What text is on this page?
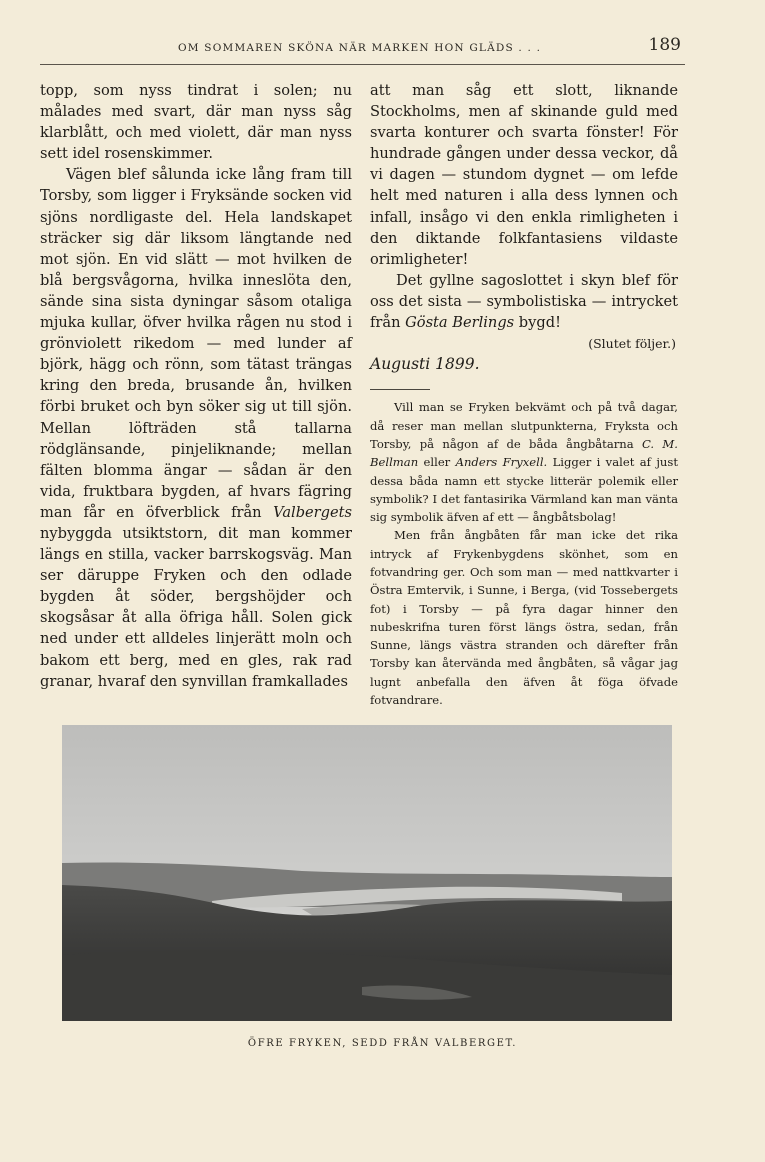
OM SOMMAREN SKÖNA NÄR MARKEN HON GLÄDS . . .	189

topp, som nyss tindrat i solen; nu målades med svart, där man nyss såg klarblått, och med violett, där man nyss sett idel rosenskimmer.

Vägen blef sålunda icke lång fram till Torsby, som ligger i Fryksände socken vid sjöns nordligaste del. Hela landskapet sträcker sig där liksom längtande ned mot sjön. En vid slätt — mot hvilken de blå bergsvågorna, hvilka inneslöta den, sände sina sista dyningar såsom otaliga mjuka kullar, öfver hvilka rågen nu stod i grönviolett rikedom — med lunder af björk, hägg och rönn, som tätast trängas kring den breda, brusande ån, hvilken förbi bruket och byn söker sig ut till sjön. Mellan löfträden stå tallarna rödglänsande, pinjeliknande; mellan fälten blomma ängar — sådan är den vida, fruktbara bygden, af hvars fägring man får en öfverblick från Valbergets nybyggda utsiktstorn, dit man kommer längs en stilla, vacker barrskogsväg. Man ser däruppe Fryken och den odlade bygden åt söder, bergshöjder och skogsåsar åt alla öfriga håll. Solen gick ned under ett alldeles linjerätt moln och bakom ett berg, med en gles, rak rad granar, hvaraf den synvillan framkallades

att man såg ett slott, liknande Stockholms, men af skinande guld med svarta konturer och svarta fönster! För hundrade gången under dessa veckor, då vi dagen — stundom dygnet — om lefde helt med naturen i alla dess lynnen och infall, insågo vi den enkla rimligheten i den diktande folkfantasiens vildaste orimligheter!

Det gyllne sagoslottet i skyn blef för oss det sista — symbolistiska — intrycket från Gösta Berlings bygd!

(Slutet följer.)

Augusti 1899.

Vill man se Fryken bekvämt och på två dagar, då reser man mellan slutpunkterna, Fryksta och Torsby, på någon af de båda ångbåtarna C. M. Bellman eller Anders Fryxell. Ligger i valet af just dessa båda namn ett stycke litterär polemik eller symbolik? I det fantasirika Värmland kan man vänta sig symbolik äfven af ett — ångbåtsbolag!

Men från ångbåten får man icke det rika intryck af Frykenbygdens skönhet, som en fotvandring ger. Och som man — med nattkvarter i Östra Emtervik, i Sunne, i Berga, (vid Tossebergets fot) i Torsby — på fyra dagar hinner den nubeskrifna turen först längs östra, sedan, från Sunne, längs västra stranden och därefter från Torsby kan återvända med ångbåten, så vågar jag lugnt anbefalla den äfven åt föga öfvade fotvandrare.

ÖFRE FRYKEN, SEDD FRÅN VALBERGET.
